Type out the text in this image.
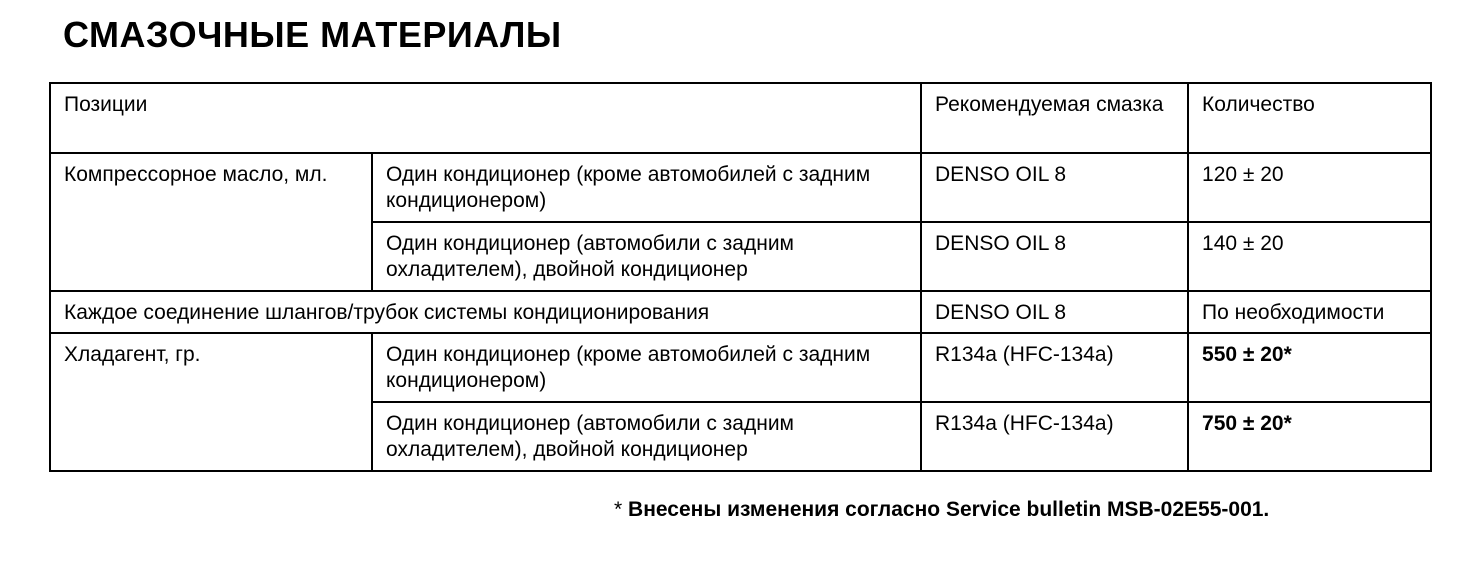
СМАЗОЧНЫЕ МАТЕРИАЛЫ
Позиции		Рекомендуемая смазка	Количество
Компрессорное масло, мл.	Один кондиционер (кроме автомобилей с задним кондиционером)	DENSO OIL 8	120 ± 20
	Один кондиционер (автомобили с задним охладителем), двойной кондиционер	DENSO OIL 8	140 ± 20
Каждое соединение шлангов/трубок системы кондиционирования		DENSO OIL 8	По необходимости
Хладагент, гр.	Один кондиционер (кроме автомобилей с задним кондиционером)	R134a (HFC-134a)	550 ± 20*
	Один кондиционер (автомобили с задним охладителем), двойной кондиционер	R134a (HFC-134a)	750 ± 20*
* Внесены изменения согласно Service bulletin MSB-02E55-001.
